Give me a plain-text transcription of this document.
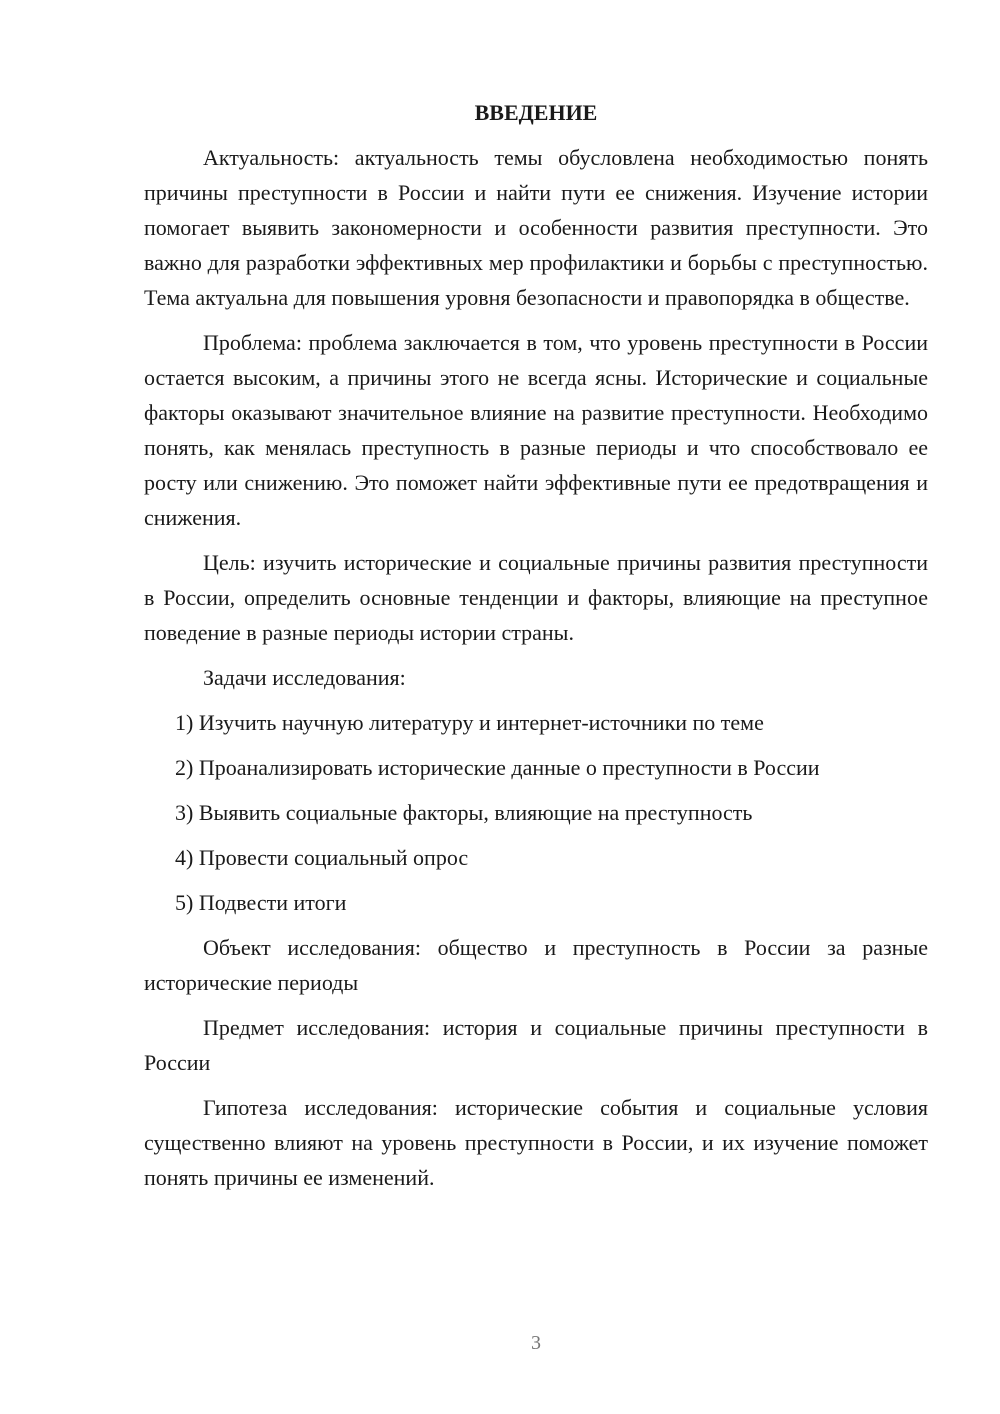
ВВЕДЕНИЕ

Актуальность: актуальность темы обусловлена необходимостью понять причины преступности в России и найти пути ее снижения. Изучение истории помогает выявить закономерности и особенности развития преступности. Это важно для разработки эффективных мер профилактики и борьбы с преступностью. Тема актуальна для повышения уровня безопасности и правопорядка в обществе.

Проблема: проблема заключается в том, что уровень преступности в России остается высоким, а причины этого не всегда ясны. Исторические и социальные факторы оказывают значительное влияние на развитие преступности. Необходимо понять, как менялась преступность в разные периоды и что способствовало ее росту или снижению. Это поможет найти эффективные пути ее предотвращения и снижения.

Цель: изучить исторические и социальные причины развития преступности в России, определить основные тенденции и факторы, влияющие на преступное поведение в разные периоды истории страны.

Задачи исследования:

1) Изучить научную литературу и интернет-источники по теме

2) Проанализировать исторические данные о преступности в России

3) Выявить социальные факторы, влияющие на преступность

4) Провести социальный опрос

5) Подвести итоги

Объект исследования: общество и преступность в России за разные исторические периоды

Предмет исследования: история и социальные причины преступности в России

Гипотеза исследования: исторические события и социальные условия существенно влияют на уровень преступности в России, и их изучение поможет понять причины ее изменений.

3
